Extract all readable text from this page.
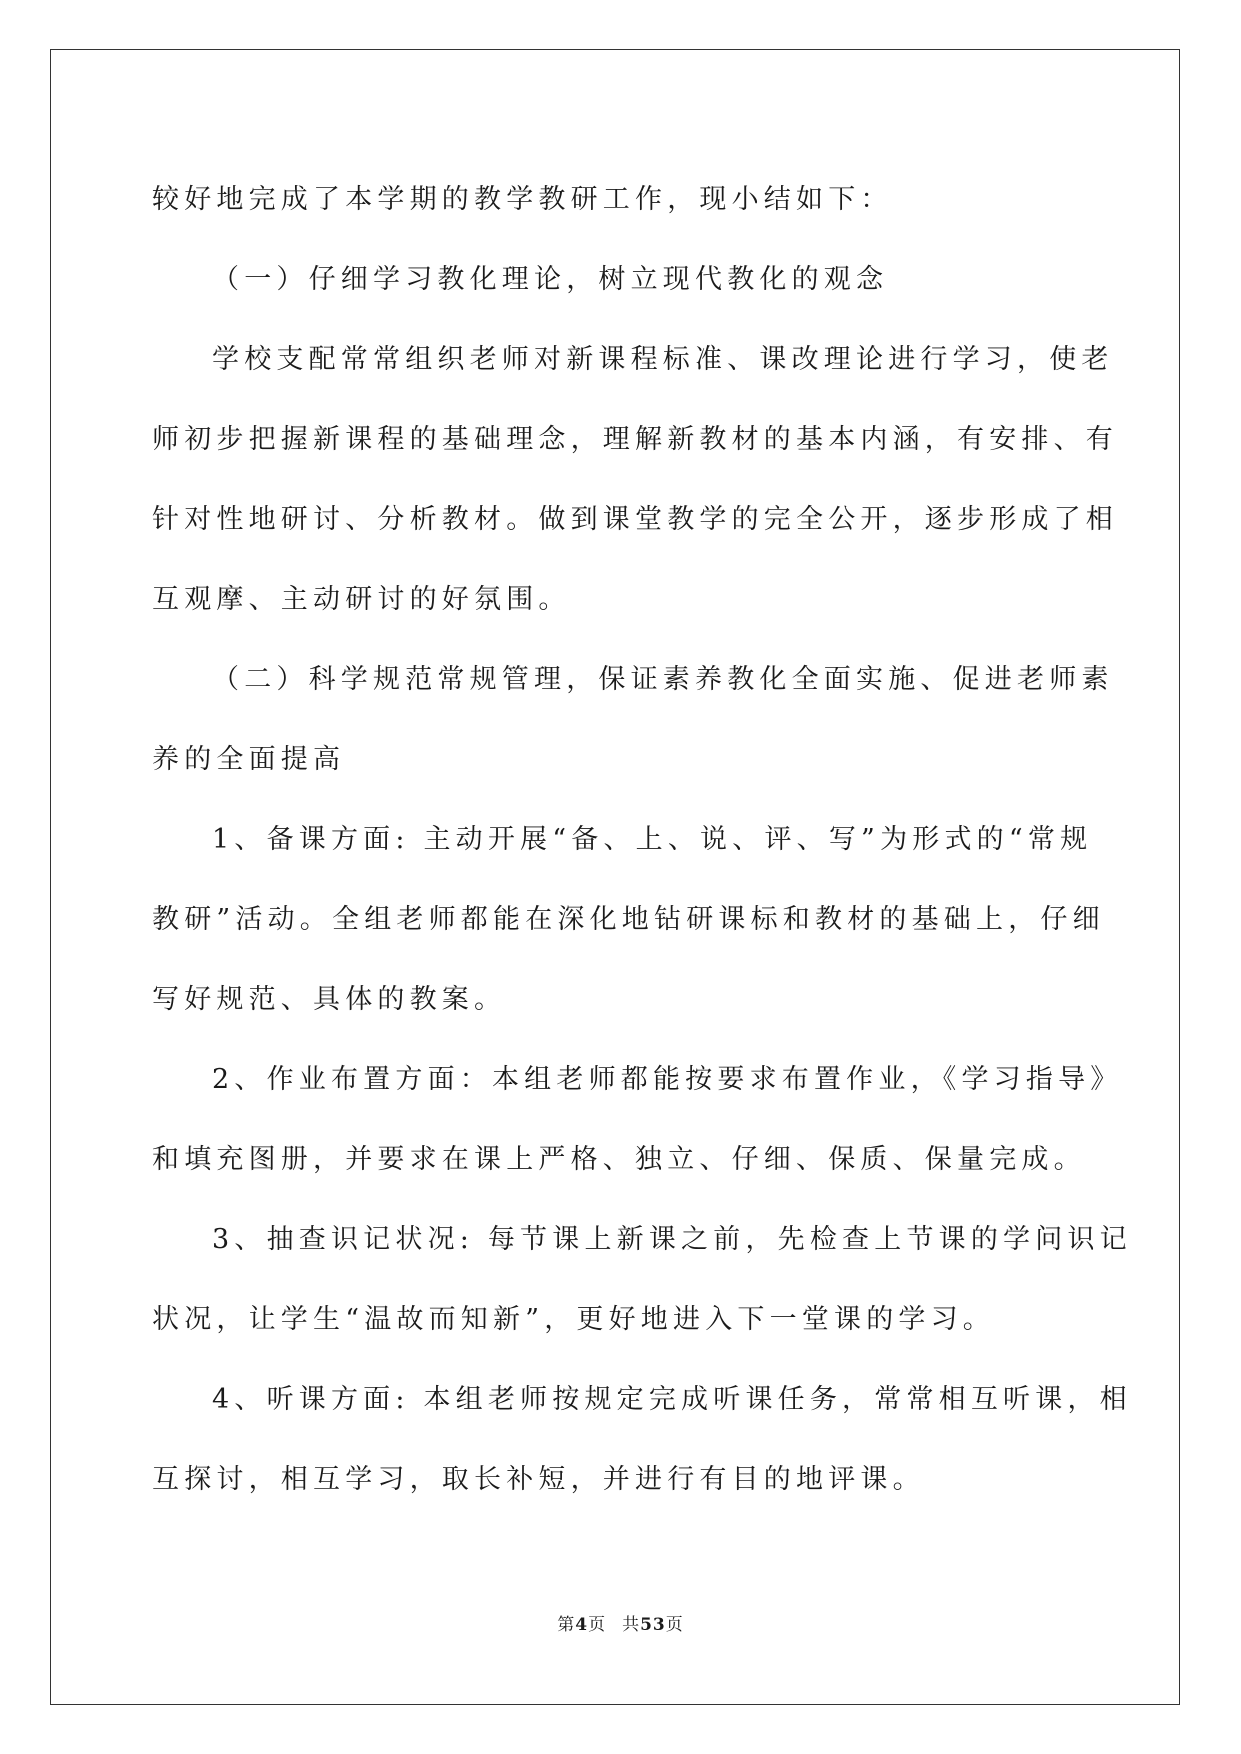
较好地完成了本学期的教学教研工作，现小结如下：
（一）仔细学习教化理论，树立现代教化的观念
学校支配常常组织老师对新课程标准、课改理论进行学习，使老
师初步把握新课程的基础理念，理解新教材的基本内涵，有安排、有
针对性地研讨、分析教材。做到课堂教学的完全公开，逐步形成了相
互观摩、主动研讨的好氛围。
（二）科学规范常规管理，保证素养教化全面实施、促进老师素
养的全面提高
1、备课方面: 主动开展“备、上、说、评、写”为形式的“常规
教研”活动。全组老师都能在深化地钻研课标和教材的基础上，仔细
写好规范、具体的教案。
2、作业布置方面：本组老师都能按要求布置作业，《学习指导》
和填充图册，并要求在课上严格、独立、仔细、保质、保量完成。
3、抽查识记状况: 每节课上新课之前，先检查上节课的学问识记
状况，让学生“温故而知新”，更好地进入下一堂课的学习。
4、听课方面: 本组老师按规定完成听课任务，常常相互听课，相
互探讨，相互学习，取长补短，并进行有目的地评课。
第4页 共53页
